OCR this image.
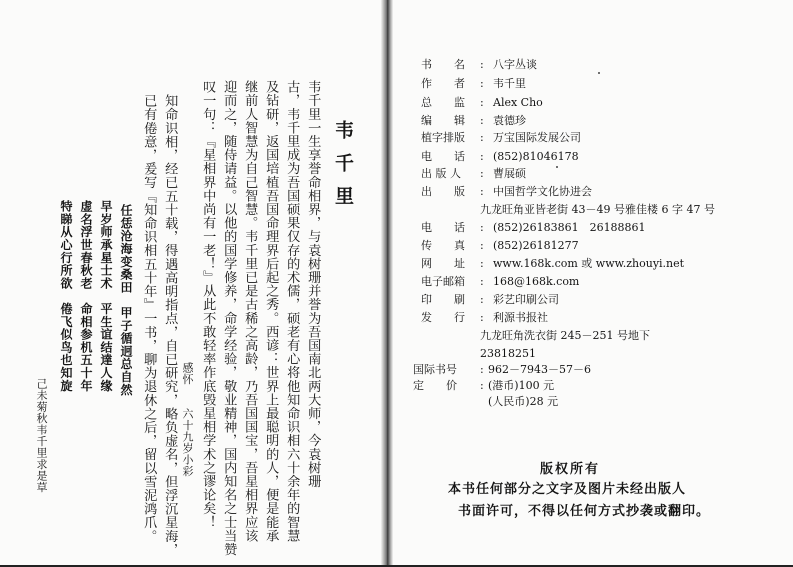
韦千里
韦千里一生享誉命相界，与袁树珊并誉为吾国南北两大师，今袁树珊
古，韦千里成为吾国硕果仅存的术儒，硕老有心将他知命识相六十余年的智慧
及钻研，返国培植吾国命理界后起之秀。西谚：世界上最聪明的人，便是能承
继前人智慧为自己智慧。韦千里已是古稀之高龄，乃吾国国宝，吾星相界应该
迎而之，随侍请益。以他的国学修养，命学经验，敬业精神，国内知名之士当赞
叹一句：『星相界中尚有一老！』从此不敢轻率作底毁星相学术之谬论矣！
感怀　　六十九岁小彩
知命识相，经已五十载，得遇高明指点，自已研究，略负虚名，但浮沉星海，
已有倦意，爰写『知命识相五十年』一书，聊为退休之后，留以雪泥鸿爪。
任恁沧海变桑田　甲子循迥总自然
早岁师承星士术　平生谊结達人缘
虚名浮世春秋老　命相参机五十年
特睇从心行所欲　倦飞似鸟也知旋
己未菊秋韦千里求是草
书　　名 : 八字丛谈
作　　者 : 韦千里
总　　监 : Alex Cho
编　　辑 : 袁德珍
植字排版 : 万宝国际发展公司
电　　话 : (852)81046178
出 版 人 : 曹展硕
出　　版 : 中国哲学文化协进会
九龙旺角亚皆老街 43－49 号雅佳楼 6 字 47 号
电　　话 : (852)26183861　26188861
传　　真 : (852)26181277
网　　址 : www.168k.com 或 www.zhouyi.net
电子邮箱 : 168@168k.com
印　　刷 : 彩艺印刷公司
发　　行 : 利源书报社
九龙旺角洗衣街 245－251 号地下
23818251
国际书号 : 962－7943－57－6
定　　价 : (港币)100 元
(人民币)28 元
版权所有
本书任何部分之文字及图片未经出版人
书面许可，不得以任何方式抄袭或翻印。
